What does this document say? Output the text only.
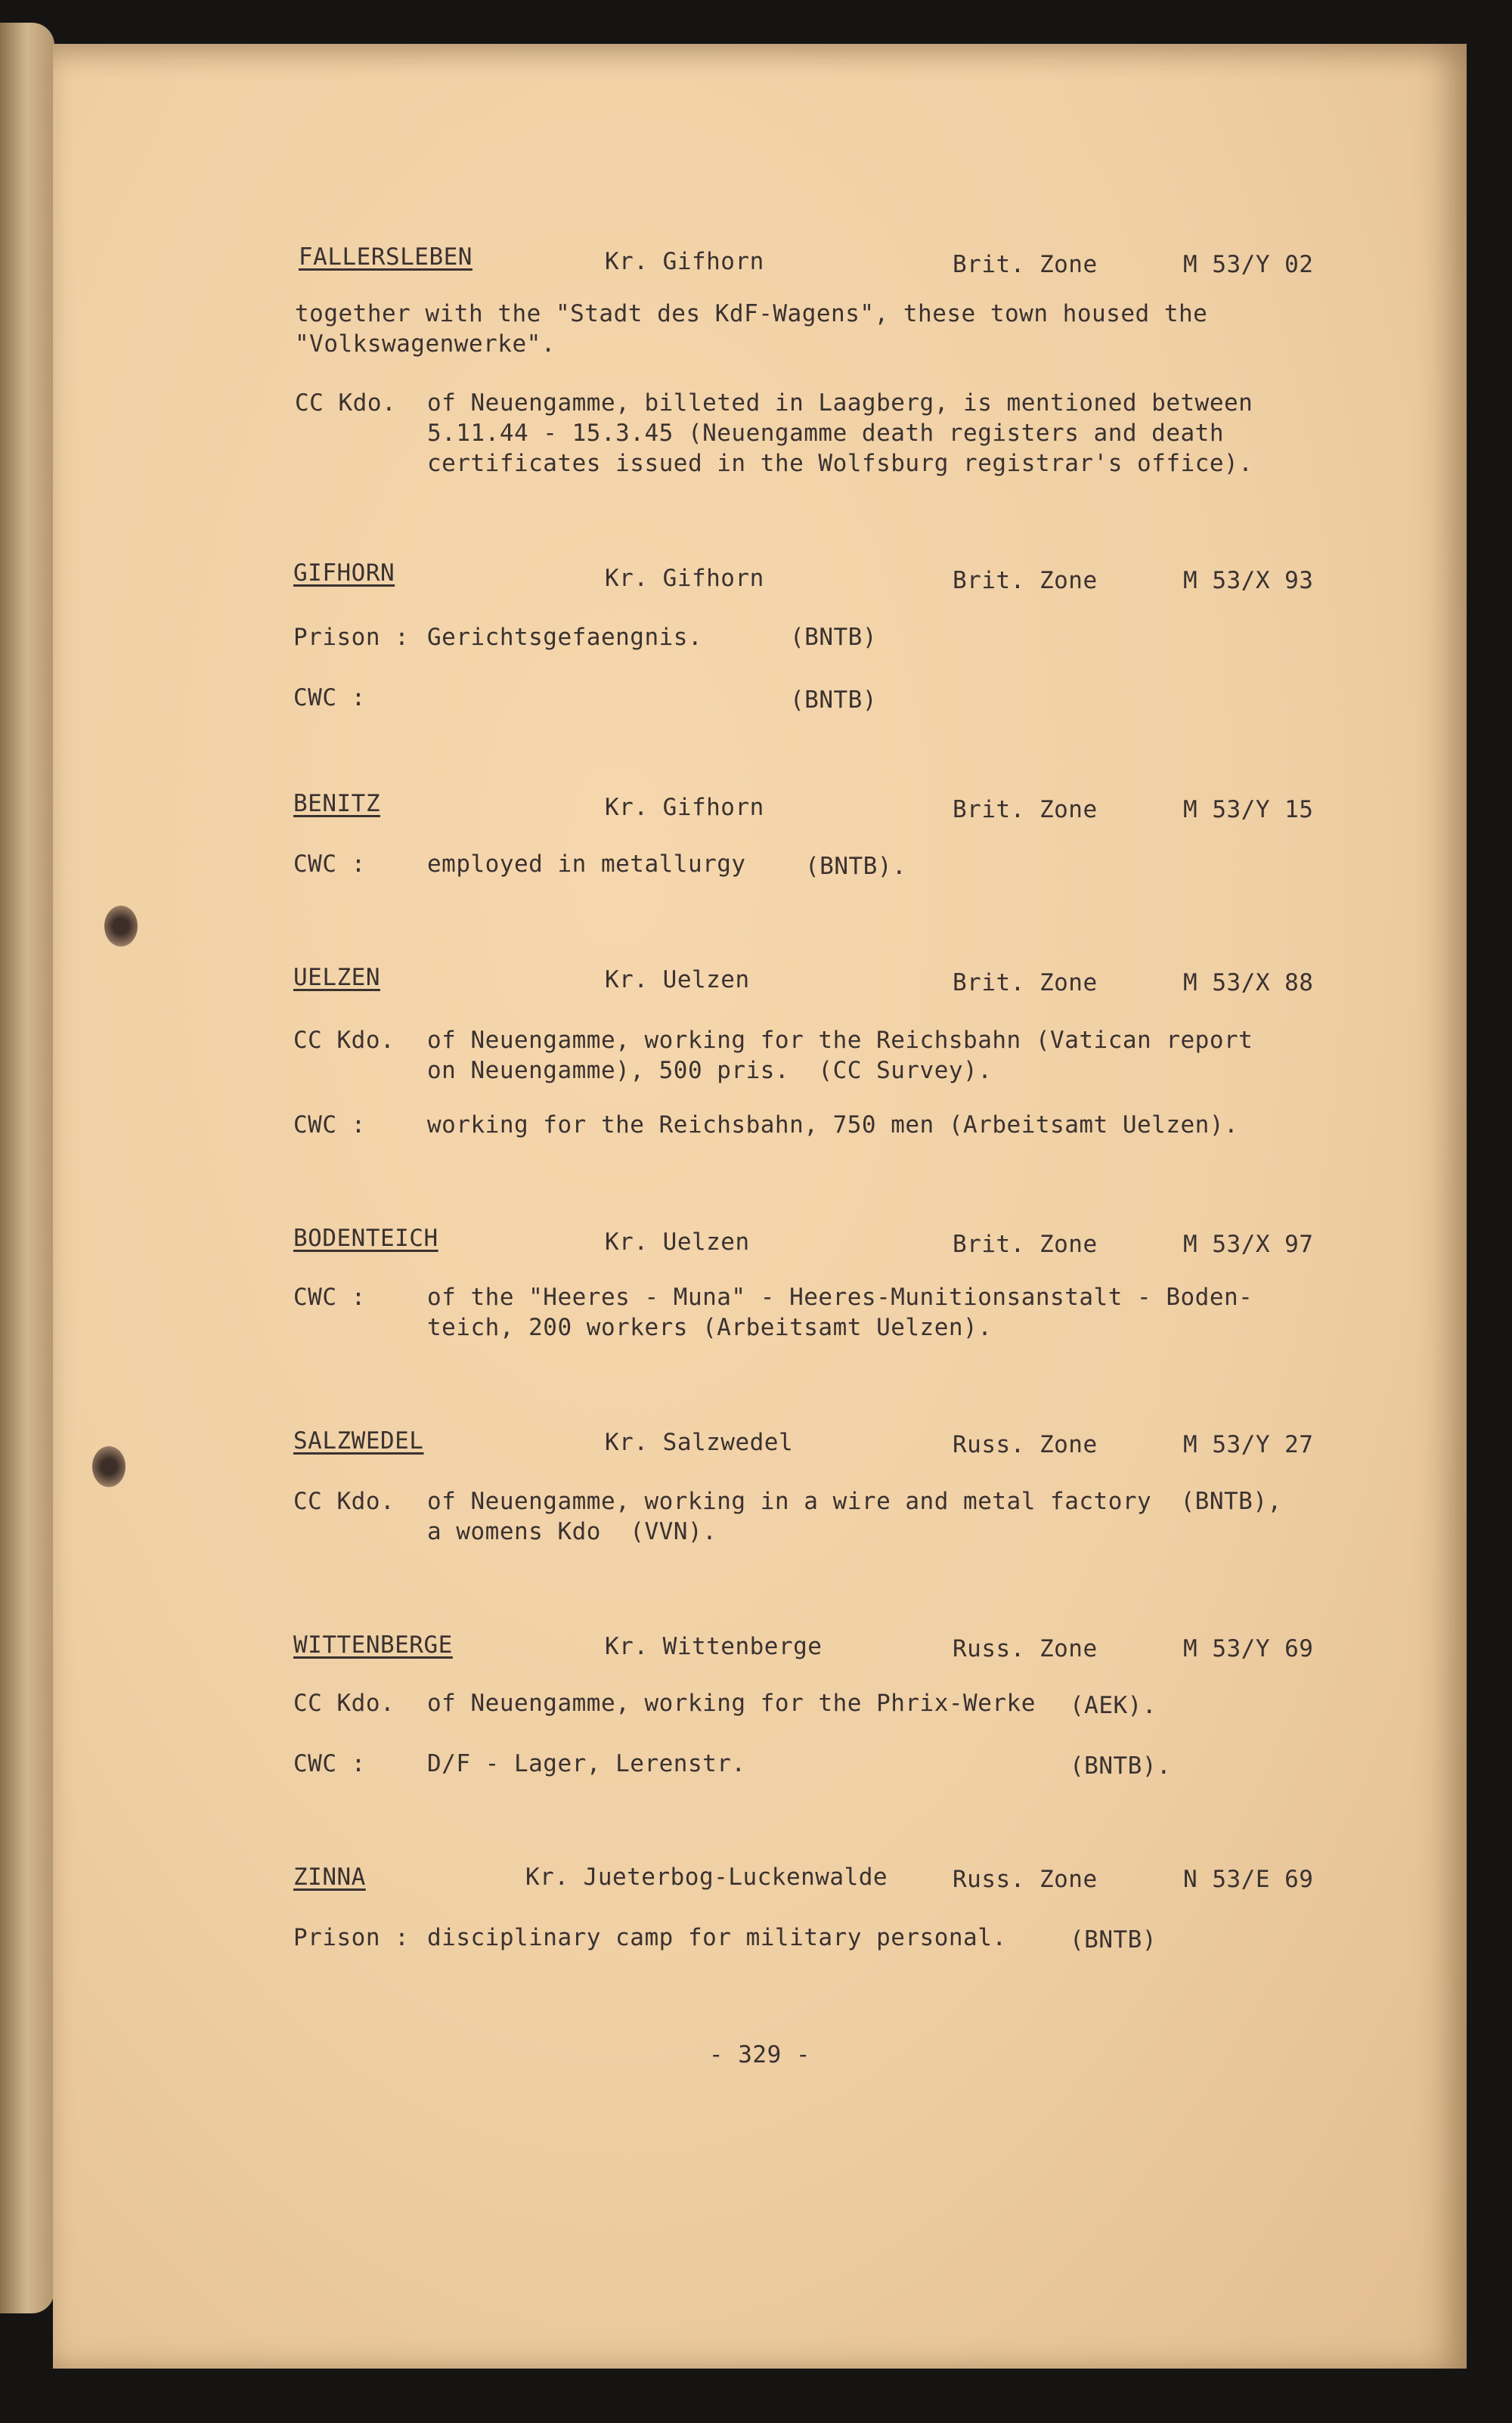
FALLERSLEBEN	Kr. Gifhorn	Brit. Zone	M 53/Y 02
together with the "Stadt des KdF-Wagens", these town housed the
"Volkswagenwerke".
CC Kdo. of Neuengamme, billeted in Laagberg, is mentioned between
5.11.44 - 15.3.45 (Neuengamme death registers and death
certificates issued in the Wolfsburg registrar's office).
GIFHORN	Kr. Gifhorn	Brit. Zone	M 53/X 93
Prison : Gerichtsgefaengnis.	(BNTB)
CWC :	(BNTB)
BENITZ	Kr. Gifhorn	Brit. Zone	M 53/Y 15
CWC :	employed in metallurgy	(BNTB).
UELZEN	Kr. Uelzen	Brit. Zone	M 53/X 88
CC Kdo. of Neuengamme, working for the Reichsbahn (Vatican report
on Neuengamme), 500 pris.  (CC Survey).
CWC :	working for the Reichsbahn, 750 men (Arbeitsamt Uelzen).
BODENTEICH	Kr. Uelzen	Brit. Zone	M 53/X 97
CWC :	of the "Heeres - Muna" - Heeres-Munitionsanstalt - Boden-
teich, 200 workers (Arbeitsamt Uelzen).
SALZWEDEL	Kr. Salzwedel	Russ. Zone	M 53/Y 27
CC Kdo. of Neuengamme, working in a wire and metal factory  (BNTB),
a womens Kdo  (VVN).
WITTENBERGE	Kr. Wittenberge	Russ. Zone	M 53/Y 69
CC Kdo. of Neuengamme, working for the Phrix-Werke (AEK).
CWC :	D/F - Lager, Lerenstr.	(BNTB).
ZINNA	Kr. Jueterbog-Luckenwalde	Russ. Zone	N 53/E 69
Prison : disciplinary camp for military personal.	(BNTB)
- 329 -
